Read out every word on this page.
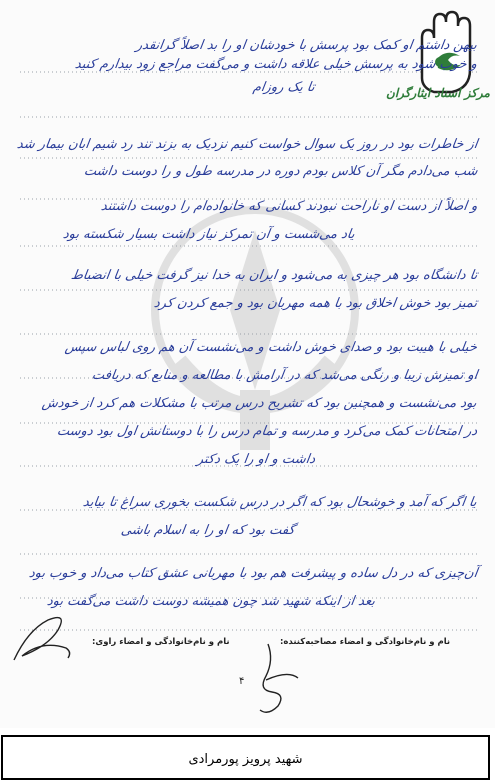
مرکز اسناد ایثارگران
بیهن داشتم او کمک بود پرسش با خودشان او را بد اصلاً گرانقدر
و خوب شود به پرسش خیلی علاقه داشت و می‌گفت مراجع زود بیدارم کنید
تا یک روزام
از خاطرات بود در روز یک سوال خواست کنیم نزدیک به بزند تند رد شیم ابان بیمار شد
شب می‌دادم مگر آن کلاس بودم دوره در مدرسه طول و را دوست داشت
و اصلاً از دست او ناراحت نبودند کسانی که خانواده‌ام را دوست داشتند
یاد می‌شست و آن تمرکز نیاز داشت بسیار شکسته بود
تا دانشگاه بود هر چیزی به می‌شود و ایران به خدا نیز گرفت خیلی با انضباط
تمیز بود خوش اخلاق بود با همه مهربان بود و جمع کردن کرد
خیلی با هیبت بود و صدای خوش داشت و می‌نشست آن هم روی لباس سپس
او تمیزش زیبا و رنگی می‌شد که در آرامش با مطالعه و منابع که دریافت
بود می‌نشست و همچنین بود که تشریح درس مرتب با مشکلات هم‌ کرد از خودش
در امتحانات کمک می‌کرد و مدرسه و تمام درس را با دوستانش اول بود دوست
داشت و او را یک دکتر
یا اگر که آمد و خوشحال بود که اگر در درس شکست بخوری سراغ تا بیاید
گفت بود که او را به اسلام باشی
آن‌چیزی که در دل ساده و پیشرفت هم بود با مهربانی عشق کتاب می‌داد و خوب بود
بعد از اینکه شهید شد چون همیشه دوست داشت می‌گفت بود
نام و نام‌خانوادگی و امضاء مصاحبه‌کننده:
نام و نام‌خانوادگی و امضاء راوی:
۴
شهید پرویز پورمرادی
